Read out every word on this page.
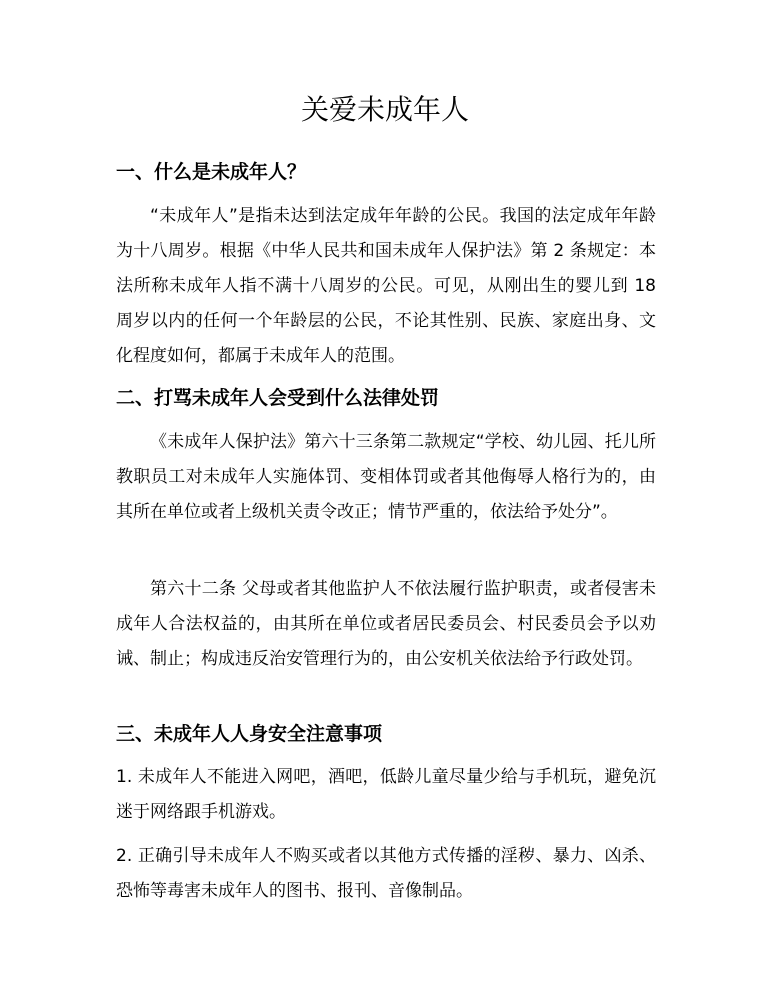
关爱未成年人
一、什么是未成年人？

“未成年人”是指未达到法定成年年龄的公民。我国的法定成年年龄为十八周岁。根据《中华人民共和国未成年人保护法》第 2 条规定：本法所称未成年人指不满十八周岁的公民。可见，从刚出生的婴儿到 18 周岁以内的任何一个年龄层的公民，不论其性别、民族、家庭出身、文化程度如何，都属于未成年人的范围。

二、打骂未成年人会受到什么法律处罚

《未成年人保护法》第六十三条第二款规定“学校、幼儿园、托儿所教职员工对未成年人实施体罚、变相体罚或者其他侮辱人格行为的，由其所在单位或者上级机关责令改正；情节严重的，依法给予处分”。

第六十二条 父母或者其他监护人不依法履行监护职责，或者侵害未成年人合法权益的，由其所在单位或者居民委员会、村民委员会予以劝诫、制止；构成违反治安管理行为的，由公安机关依法给予行政处罚。

三、未成年人人身安全注意事项

1. 未成年人不能进入网吧，酒吧，低龄儿童尽量少给与手机玩，避免沉迷于网络跟手机游戏。

2. 正确引导未成年人不购买或者以其他方式传播的淫秽、暴力、凶杀、恐怖等毒害未成年人的图书、报刊、音像制品。
